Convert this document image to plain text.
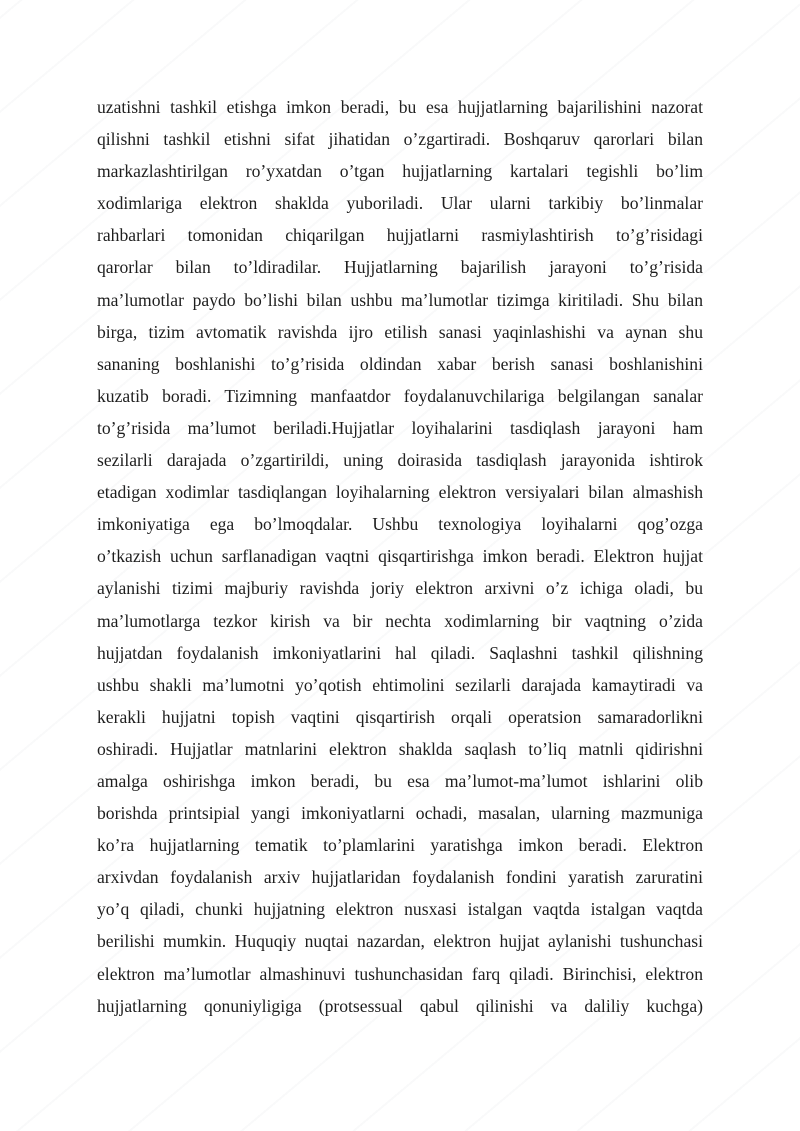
uzatishni tashkil etishga imkon beradi, bu esa hujjatlarning bajarilishini nazorat
qilishni tashkil etishni sifat jihatidan o’zgartiradi. Boshqaruv qarorlari bilan
markazlashtirilgan ro’yxatdan o’tgan hujjatlarning kartalari tegishli bo’lim
xodimlariga elektron shaklda yuboriladi. Ular ularni tarkibiy bo’linmalar
rahbarlari tomonidan chiqarilgan hujjatlarni rasmiylashtirish to’g’risidagi
qarorlar bilan to’ldiradilar. Hujjatlarning bajarilish jarayoni to’g’risida
ma’lumotlar paydo bo’lishi bilan ushbu ma’lumotlar tizimga kiritiladi. Shu bilan
birga, tizim avtomatik ravishda ijro etilish sanasi yaqinlashishi va aynan shu
sananing boshlanishi to’g’risida oldindan xabar berish sanasi boshlanishini
kuzatib boradi. Tizimning manfaatdor foydalanuvchilariga belgilangan sanalar
to’g’risida ma’lumot beriladi.Hujjatlar loyihalarini tasdiqlash jarayoni ham
sezilarli darajada o’zgartirildi, uning doirasida tasdiqlash jarayonida ishtirok
etadigan xodimlar tasdiqlangan loyihalarning elektron versiyalari bilan almashish
imkoniyatiga ega bo’lmoqdalar. Ushbu texnologiya loyihalarni qog’ozga
o’tkazish uchun sarflanadigan vaqtni qisqartirishga imkon beradi. Elektron hujjat
aylanishi tizimi majburiy ravishda joriy elektron arxivni o’z ichiga oladi, bu
ma’lumotlarga tezkor kirish va bir nechta xodimlarning bir vaqtning o’zida
hujjatdan foydalanish imkoniyatlarini hal qiladi. Saqlashni tashkil qilishning
ushbu shakli ma’lumotni yo’qotish ehtimolini sezilarli darajada kamaytiradi va
kerakli hujjatni topish vaqtini qisqartirish orqali operatsion samaradorlikni
oshiradi. Hujjatlar matnlarini elektron shaklda saqlash to’liq matnli qidirishni
amalga oshirishga imkon beradi, bu esa ma’lumot-ma’lumot ishlarini olib
borishda printsipial yangi imkoniyatlarni ochadi, masalan, ularning mazmuniga
ko’ra hujjatlarning tematik to’plamlarini yaratishga imkon beradi. Elektron
arxivdan foydalanish arxiv hujjatlaridan foydalanish fondini yaratish zaruratini
yo’q qiladi, chunki hujjatning elektron nusxasi istalgan vaqtda istalgan vaqtda
berilishi mumkin. Huquqiy nuqtai nazardan, elektron hujjat aylanishi tushunchasi
elektron ma’lumotlar almashinuvi tushunchasidan farq qiladi. Birinchisi, elektron
hujjatlarning qonuniyligiga (protsessual qabul qilinishi va daliliy kuchga)
